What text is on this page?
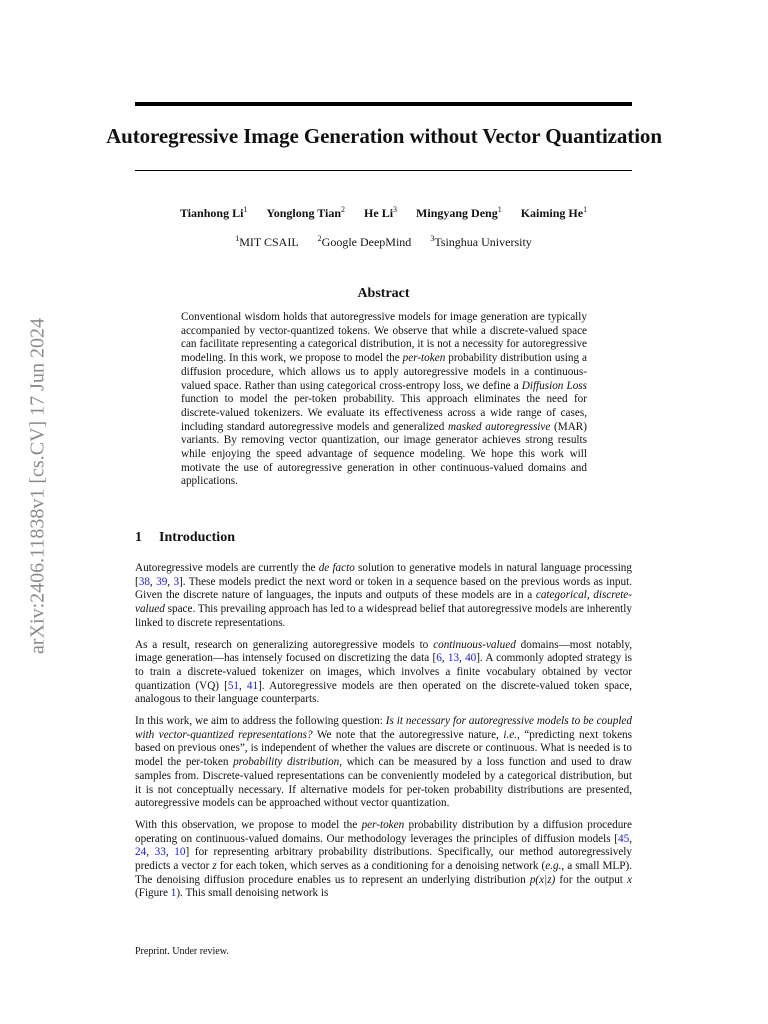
arXiv:2406.11838v1 [cs.CV] 17 Jun 2024
Autoregressive Image Generation without Vector Quantization
Tianhong Li$^1$ Yonglong Tian$^2$ He Li$^3$ Mingyang Deng$^1$ Kaiming He$^1$
$^1$MIT CSAIL $^2$Google DeepMind $^3$Tsinghua University
Abstract
Conventional wisdom holds that autoregressive models for image generation are typically accompanied by vector-quantized tokens. We observe that while a discrete-valued space can facilitate representing a categorical distribution, it is not a necessity for autoregressive modeling. In this work, we propose to model the per-token probability distribution using a diffusion procedure, which allows us to apply autoregressive models in a continuous-valued space. Rather than using categorical cross-entropy loss, we define a Diffusion Loss function to model the per-token probability. This approach eliminates the need for discrete-valued tokenizers. We evaluate its effectiveness across a wide range of cases, including standard autoregressive models and generalized masked autoregressive (MAR) variants. By removing vector quantization, our image generator achieves strong results while enjoying the speed advantage of sequence modeling. We hope this work will motivate the use of autoregressive generation in other continuous-valued domains and applications.
1 Introduction

Autoregressive models are currently the de facto solution to generative models in natural language processing [38, 39, 3]. These models predict the next word or token in a sequence based on the previous words as input. Given the discrete nature of languages, the inputs and outputs of these models are in a categorical, discrete-valued space. This prevailing approach has led to a widespread belief that autoregressive models are inherently linked to discrete representations.

As a result, research on generalizing autoregressive models to continuous-valued domains—most notably, image generation—has intensely focused on discretizing the data [6, 13, 40]. A commonly adopted strategy is to train a discrete-valued tokenizer on images, which involves a finite vocabulary obtained by vector quantization (VQ) [51, 41]. Autoregressive models are then operated on the discrete-valued token space, analogous to their language counterparts.

In this work, we aim to address the following question: Is it necessary for autoregressive models to be coupled with vector-quantized representations? We note that the autoregressive nature, i.e., “predicting next tokens based on previous ones”, is independent of whether the values are discrete or continuous. What is needed is to model the per-token probability distribution, which can be measured by a loss function and used to draw samples from. Discrete-valued representations can be conveniently modeled by a categorical distribution, but it is not conceptually necessary. If alternative models for per-token probability distributions are presented, autoregressive models can be approached without vector quantization.

With this observation, we propose to model the per-token probability distribution by a diffusion procedure operating on continuous-valued domains. Our methodology leverages the principles of diffusion models [45, 24, 33, 10] for representing arbitrary probability distributions. Specifically, our method autoregressively predicts a vector z for each token, which serves as a conditioning for a denoising network (e.g., a small MLP). The denoising diffusion procedure enables us to represent an underlying distribution p(x|z) for the output x (Figure 1). This small denoising network is

Preprint. Under review.
